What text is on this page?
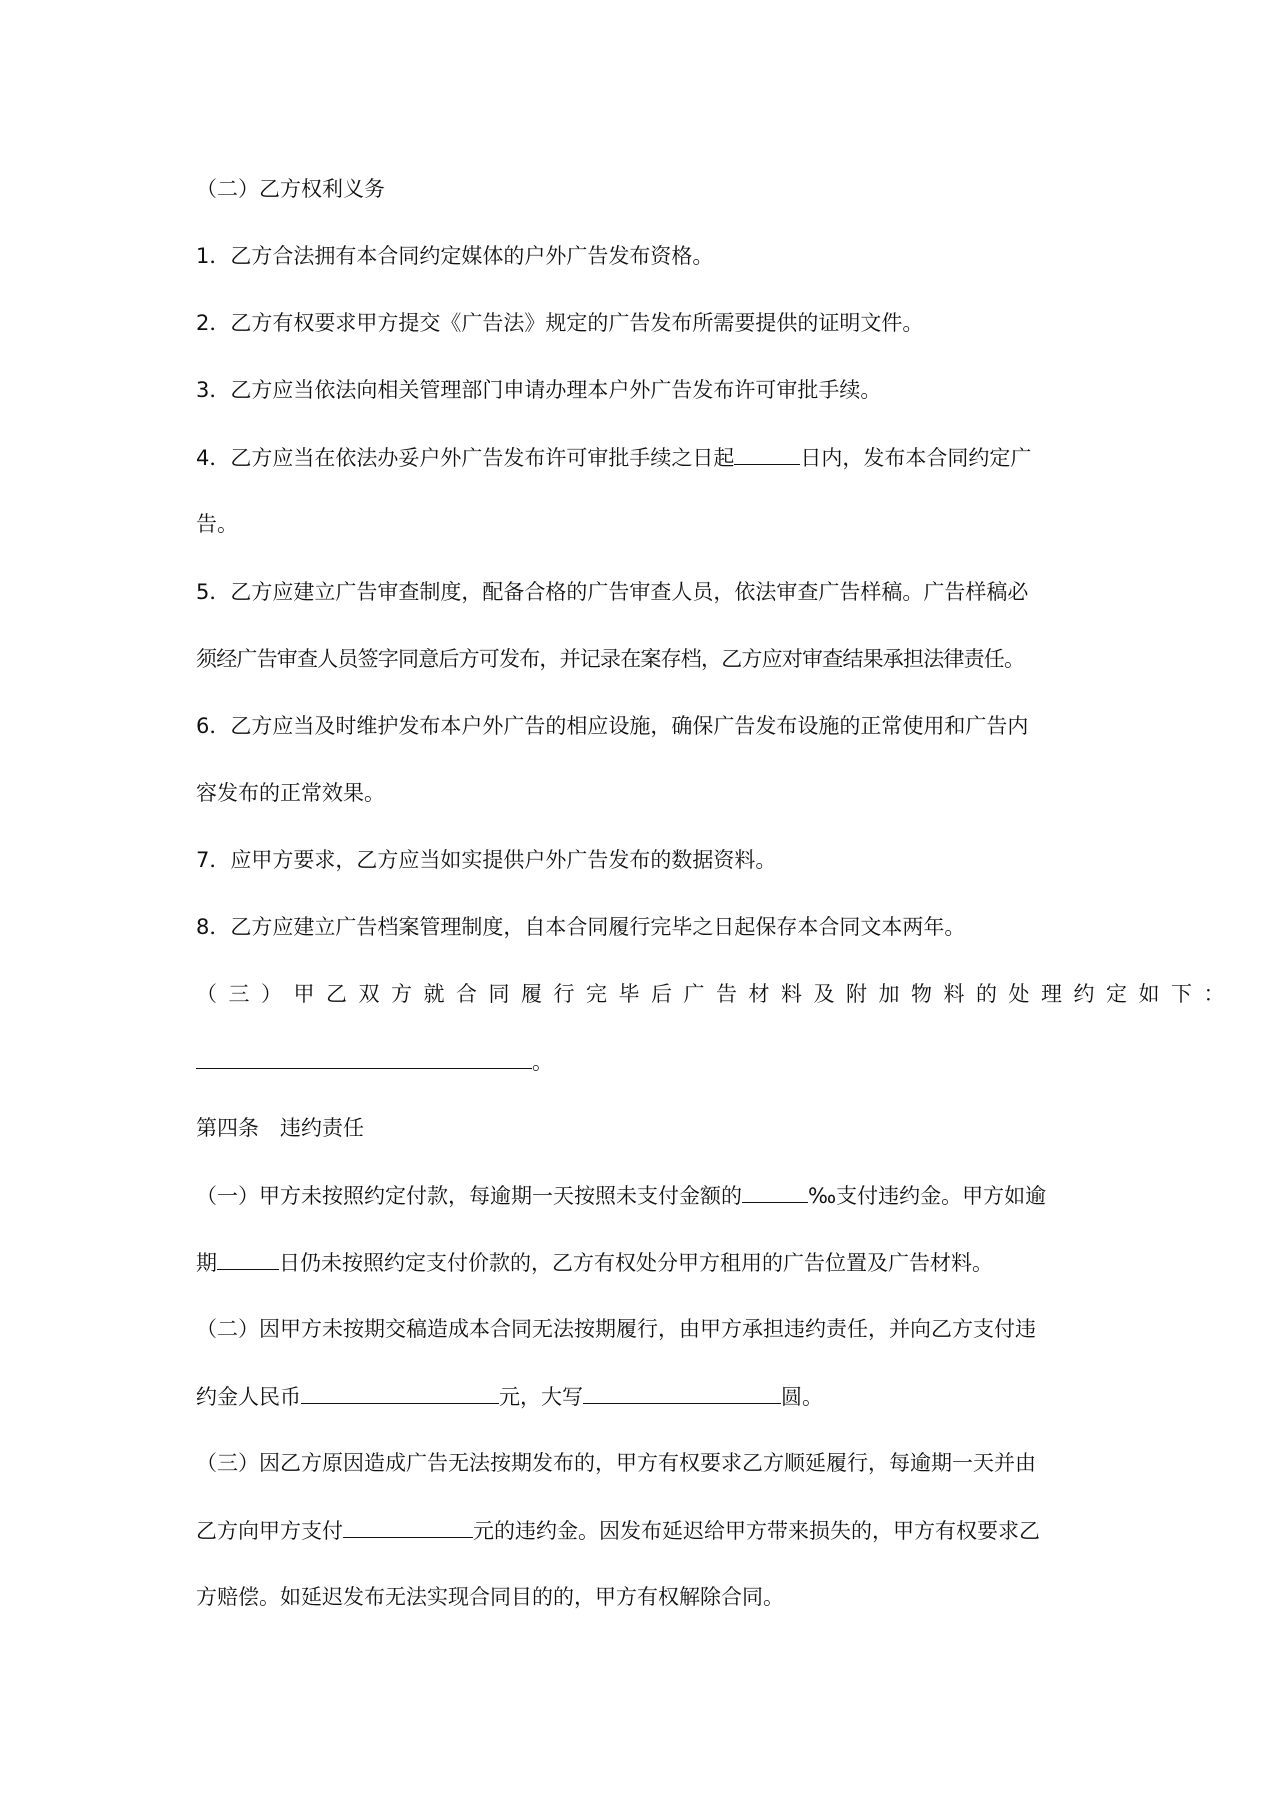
（二）乙方权利义务
1．乙方合法拥有本合同约定媒体的户外广告发布资格。
2．乙方有权要求甲方提交《广告法》规定的广告发布所需要提供的证明文件。
3．乙方应当依法向相关管理部门申请办理本户外广告发布许可审批手续。
4．乙方应当在依法办妥户外广告发布许可审批手续之日起	日内，发布本合同约定广
告。
5．乙方应建立广告审查制度，配备合格的广告审查人员，依法审查广告样稿。广告样稿必
须经广告审查人员签字同意后方可发布，并记录在案存档，乙方应对审查结果承担法律责任。
6．乙方应当及时维护发布本户外广告的相应设施，确保广告发布设施的正常使用和广告内
容发布的正常效果。
7．应甲方要求，乙方应当如实提供户外广告发布的数据资料。
8．乙方应建立广告档案管理制度，自本合同履行完毕之日起保存本合同文本两年。
（三）甲乙双方就合同履行完毕后广告材料及附加物料的处理约定如下：
。
第四条　违约责任
（一）甲方未按照约定付款，每逾期一天按照未支付金额的	‰支付违约金。甲方如逾
期	日仍未按照约定支付价款的，乙方有权处分甲方租用的广告位置及广告材料。
（二）因甲方未按期交稿造成本合同无法按期履行，由甲方承担违约责任，并向乙方支付违
约金人民币	元，大写	圆。
（三）因乙方原因造成广告无法按期发布的，甲方有权要求乙方顺延履行，每逾期一天并由
乙方向甲方支付	元的违约金。因发布延迟给甲方带来损失的，甲方有权要求乙
方赔偿。如延迟发布无法实现合同目的的，甲方有权解除合同。
